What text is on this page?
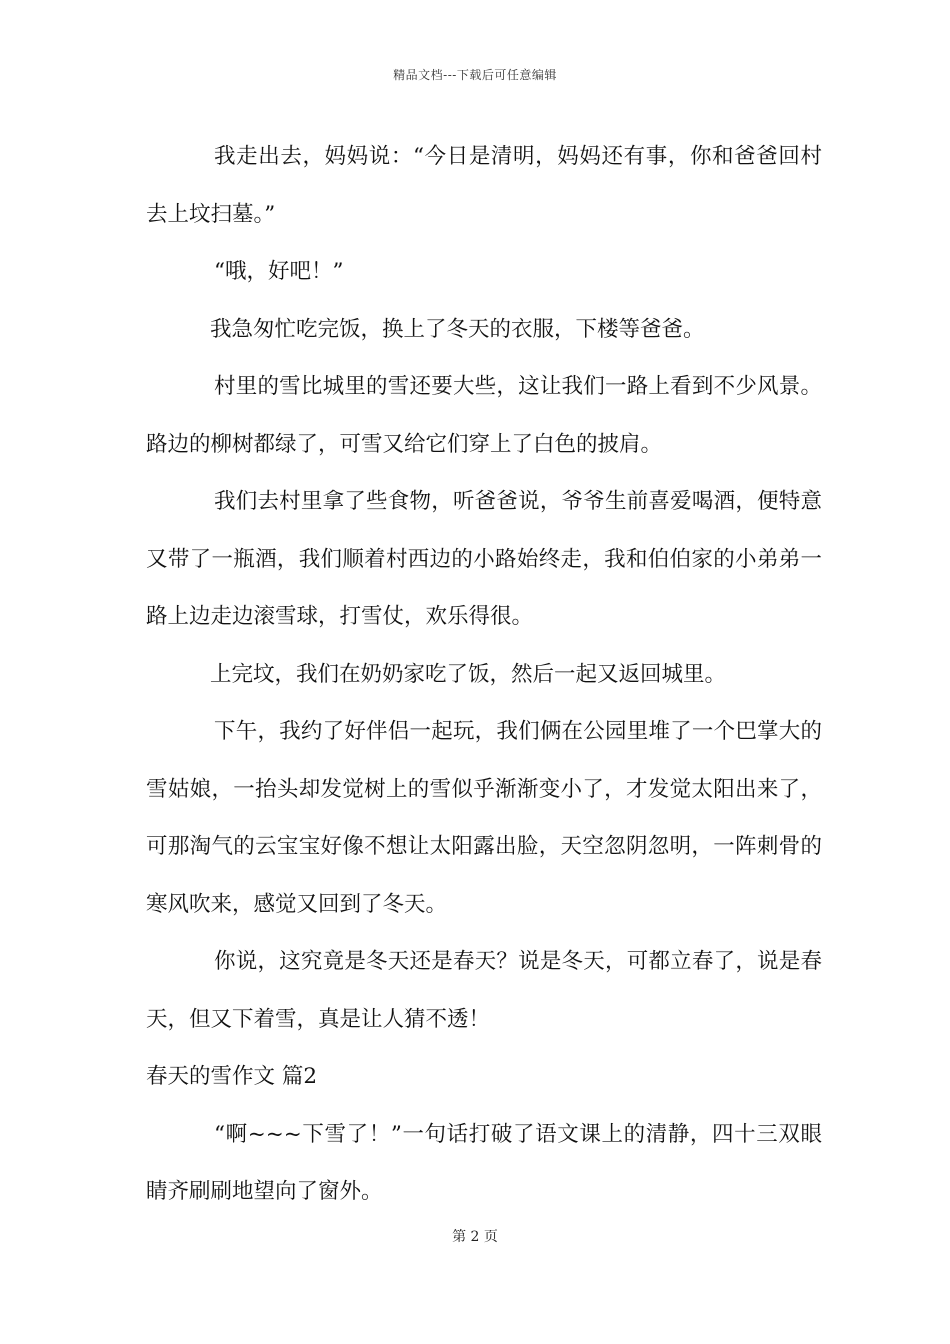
精品文档---下载后可任意编辑

我走出去，妈妈说：“今日是清明，妈妈还有事，你和爸爸回村去上坟扫墓。”

“哦，好吧！”

我急匆忙吃完饭，换上了冬天的衣服，下楼等爸爸。

村里的雪比城里的雪还要大些，这让我们一路上看到不少风景。路边的柳树都绿了，可雪又给它们穿上了白色的披肩。

我们去村里拿了些食物，听爸爸说，爷爷生前喜爱喝酒，便特意又带了一瓶酒，我们顺着村西边的小路始终走，我和伯伯家的小弟弟一路上边走边滚雪球，打雪仗，欢乐得很。

上完坟，我们在奶奶家吃了饭，然后一起又返回城里。

下午，我约了好伴侣一起玩，我们俩在公园里堆了一个巴掌大的雪姑娘，一抬头却发觉树上的雪似乎渐渐变小了，才发觉太阳出来了，可那淘气的云宝宝好像不想让太阳露出脸，天空忽阴忽明，一阵刺骨的寒风吹来，感觉又回到了冬天。

你说，这究竟是冬天还是春天？说是冬天，可都立春了，说是春天，但又下着雪，真是让人猜不透！

春天的雪作文 篇2

“啊~~~下雪了！”一句话打破了语文课上的清静，四十三双眼睛齐刷刷地望向了窗外。

第 2 页
